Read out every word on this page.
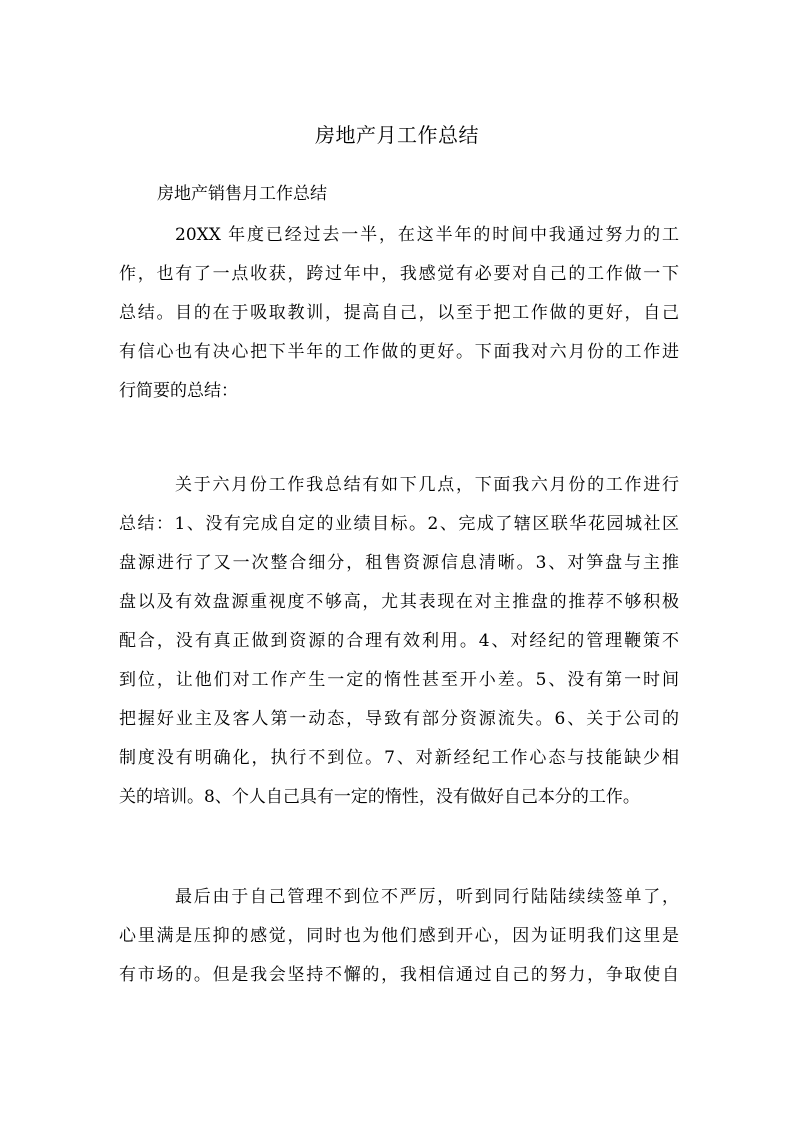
房地产月工作总结
房地产销售月工作总结
20XX 年度已经过去一半，在这半年的时间中我通过努力的工
作，也有了一点收获，跨过年中，我感觉有必要对自己的工作做一下
总结。目的在于吸取教训，提高自己，以至于把工作做的更好，自己
有信心也有决心把下半年的工作做的更好。下面我对六月份的工作进
行简要的总结：
关于六月份工作我总结有如下几点，下面我六月份的工作进行
总结：1、没有完成自定的业绩目标。2、完成了辖区联华花园城社区
盘源进行了又一次整合细分，租售资源信息清晰。3、对笋盘与主推
盘以及有效盘源重视度不够高，尤其表现在对主推盘的推荐不够积极
配合，没有真正做到资源的合理有效利用。4、对经纪的管理鞭策不
到位，让他们对工作产生一定的惰性甚至开小差。5、没有第一时间
把握好业主及客人第一动态，导致有部分资源流失。6、关于公司的
制度没有明确化，执行不到位。7、对新经纪工作心态与技能缺少相
关的培训。8、个人自己具有一定的惰性，没有做好自己本分的工作。
最后由于自己管理不到位不严厉，听到同行陆陆续续签单了，
心里满是压抑的感觉，同时也为他们感到开心，因为证明我们这里是
有市场的。但是我会坚持不懈的，我相信通过自己的努力，争取使自
